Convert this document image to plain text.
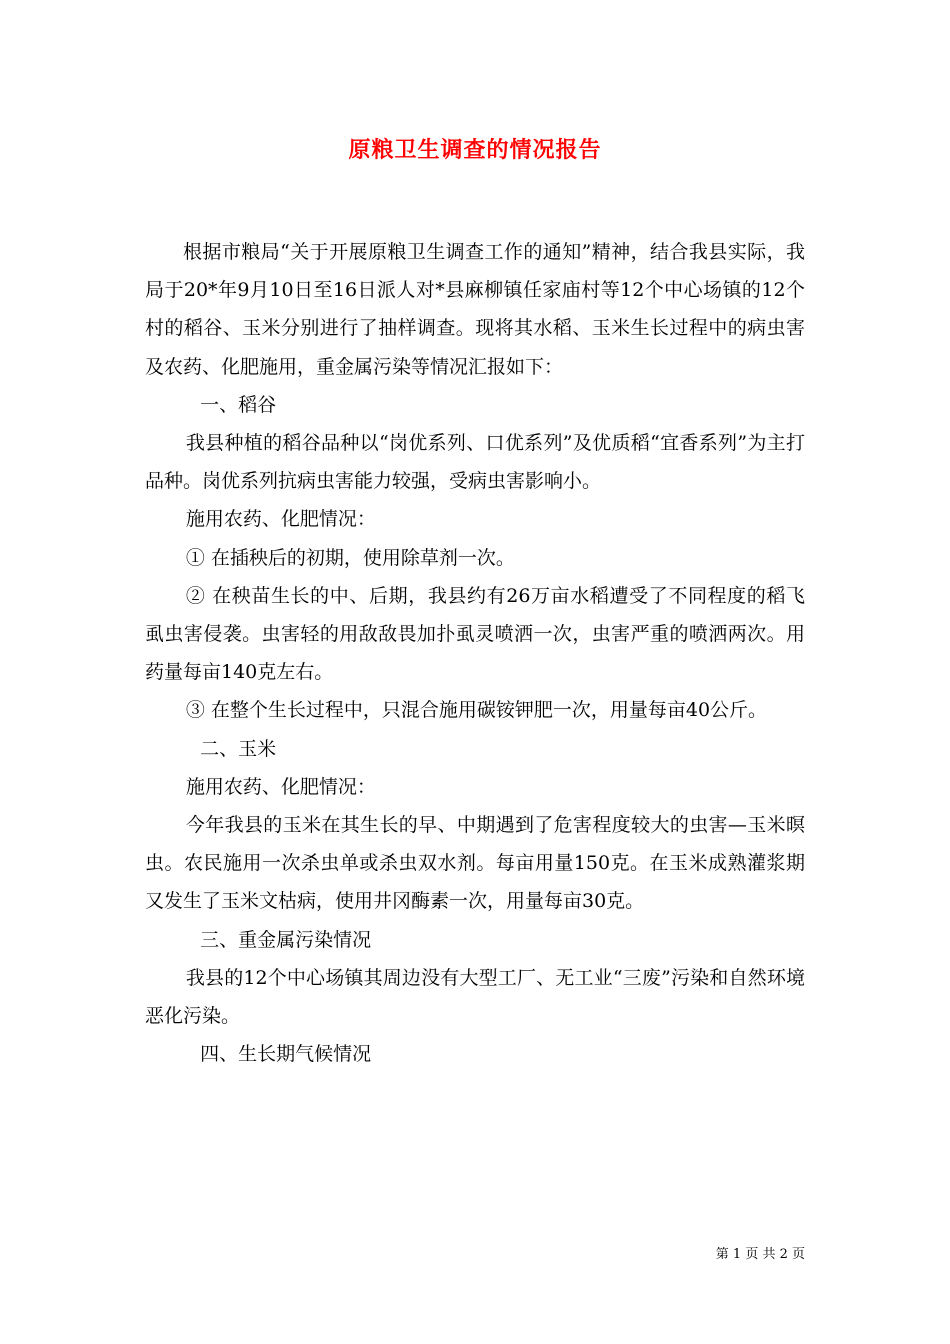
原粮卫生调查的情况报告

根据市粮局“关于开展原粮卫生调查工作的通知”精神，结合我县实际，我局于20*年9月10日至16日派人对*县麻柳镇任家庙村等12个中心场镇的12个村的稻谷、玉米分别进行了抽样调查。现将其水稻、玉米生长过程中的病虫害及农药、化肥施用，重金属污染等情况汇报如下：

一、稻谷

我县种植的稻谷品种以“岗优系列、口优系列”及优质稻“宜香系列”为主打品种。岗优系列抗病虫害能力较强，受病虫害影响小。

施用农药、化肥情况：

① 在插秧后的初期，使用除草剂一次。

② 在秧苗生长的中、后期，我县约有26万亩水稻遭受了不同程度的稻飞虱虫害侵袭。虫害轻的用敌敌畏加扑虱灵喷洒一次，虫害严重的喷洒两次。用药量每亩140克左右。

③ 在整个生长过程中，只混合施用碳铵钾肥一次，用量每亩40公斤。

二、玉米

施用农药、化肥情况：

今年我县的玉米在其生长的早、中期遇到了危害程度较大的虫害—玉米暝虫。农民施用一次杀虫单或杀虫双水剂。每亩用量150克。在玉米成熟灌浆期又发生了玉米文枯病，使用井冈酶素一次，用量每亩30克。

三、重金属污染情况

我县的12个中心场镇其周边没有大型工厂、无工业“三废”污染和自然环境恶化污染。

四、生长期气候情况

第 1 页 共 2 页
